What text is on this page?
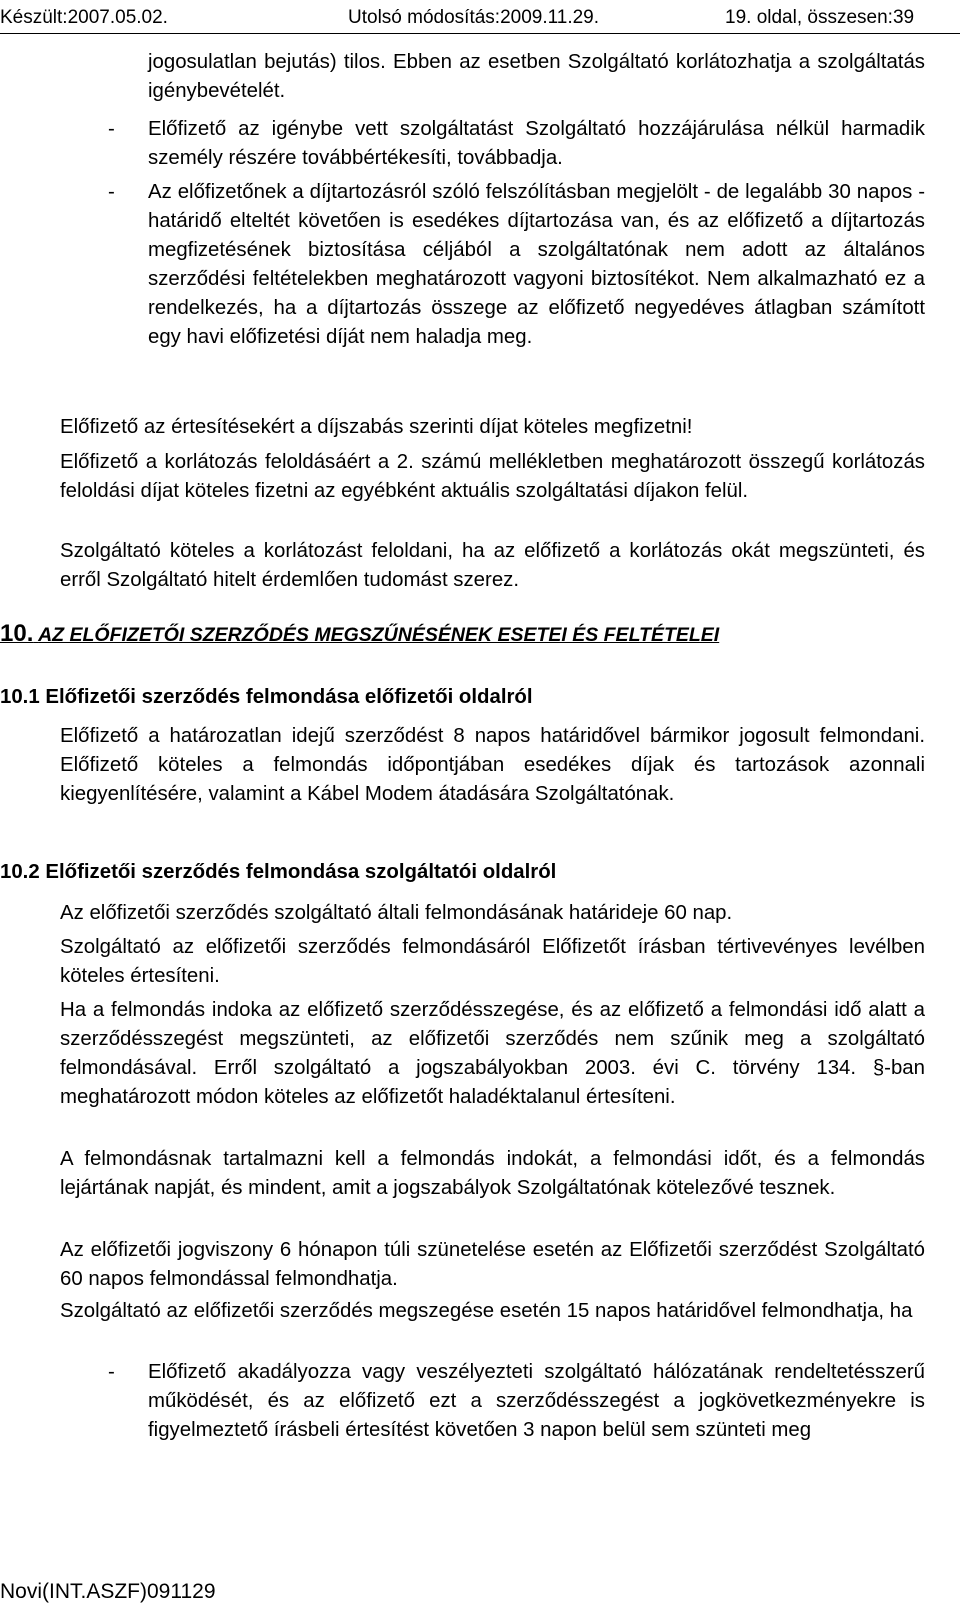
Készült:2007.05.02.	Utolsó módosítás:2009.11.29.	19. oldal, összesen:39
jogosulatlan bejutás) tilos. Ebben az esetben Szolgáltató korlátozhatja a szolgáltatás igénybevételét.
- Előfizető az igénybe vett szolgáltatást Szolgáltató hozzájárulása nélkül harmadik személy részére továbbértékesíti, továbbadja.
- Az előfizetőnek a díjtartozásról szóló felszólításban megjelölt - de legalább 30 napos - határidő elteltét követően is esedékes díjtartozása van, és az előfizető a díjtartozás megfizetésének biztosítása céljából a szolgáltatónak nem adott az általános szerződési feltételekben meghatározott vagyoni biztosítékot. Nem alkalmazható ez a rendelkezés, ha a díjtartozás összege az előfizető negyedéves átlagban számított egy havi előfizetési díját nem haladja meg.
Előfizető az értesítésekért a díjszabás szerinti díjat köteles megfizetni!
Előfizető a korlátozás feloldásáért a 2. számú mellékletben meghatározott összegű korlátozás feloldási díjat köteles fizetni az egyébként aktuális szolgáltatási díjakon felül.
Szolgáltató köteles a korlátozást feloldani, ha az előfizető a korlátozás okát megszünteti, és erről Szolgáltató hitelt érdemlően tudomást szerez.
10. AZ ELŐFIZETŐI SZERZŐDÉS MEGSZŰNÉSÉNEK ESETEI ÉS FELTÉTELEI
10.1 Előfizetői szerződés felmondása előfizetői oldalról
Előfizető a határozatlan idejű szerződést 8 napos határidővel bármikor jogosult felmondani. Előfizető köteles a felmondás időpontjában esedékes díjak és tartozások azonnali kiegyenlítésére, valamint a Kábel Modem átadására Szolgáltatónak.
10.2 Előfizetői szerződés felmondása szolgáltatói oldalról
Az előfizetői szerződés szolgáltató általi felmondásának határideje 60 nap.
Szolgáltató az előfizetői szerződés felmondásáról Előfizetőt írásban tértivevényes levélben köteles értesíteni.
Ha a felmondás indoka az előfizető szerződésszegése, és az előfizető a felmondási idő alatt a szerződésszegést megszünteti, az előfizetői szerződés nem szűnik meg a szolgáltató felmondásával. Erről szolgáltató a jogszabályokban 2003. évi C. törvény 134. §-ban meghatározott módon köteles az előfizetőt haladéktalanul értesíteni.
A felmondásnak tartalmazni kell a felmondás indokát, a felmondási időt, és a felmondás lejártának napját, és mindent, amit a jogszabályok Szolgáltatónak kötelezővé tesznek.
Az előfizetői jogviszony 6 hónapon túli szünetelése esetén az Előfizetői szerződést Szolgáltató 60 napos felmondással felmondhatja.
Szolgáltató az előfizetői szerződés megszegése esetén 15 napos határidővel felmondhatja, ha
- Előfizető akadályozza vagy veszélyezteti szolgáltató hálózatának rendeltetésszerű működését, és az előfizető ezt a szerződésszegést a jogkövetkezményekre is figyelmeztető írásbeli értesítést követően 3 napon belül sem szünteti meg
Novi(INT.ASZF)091129
